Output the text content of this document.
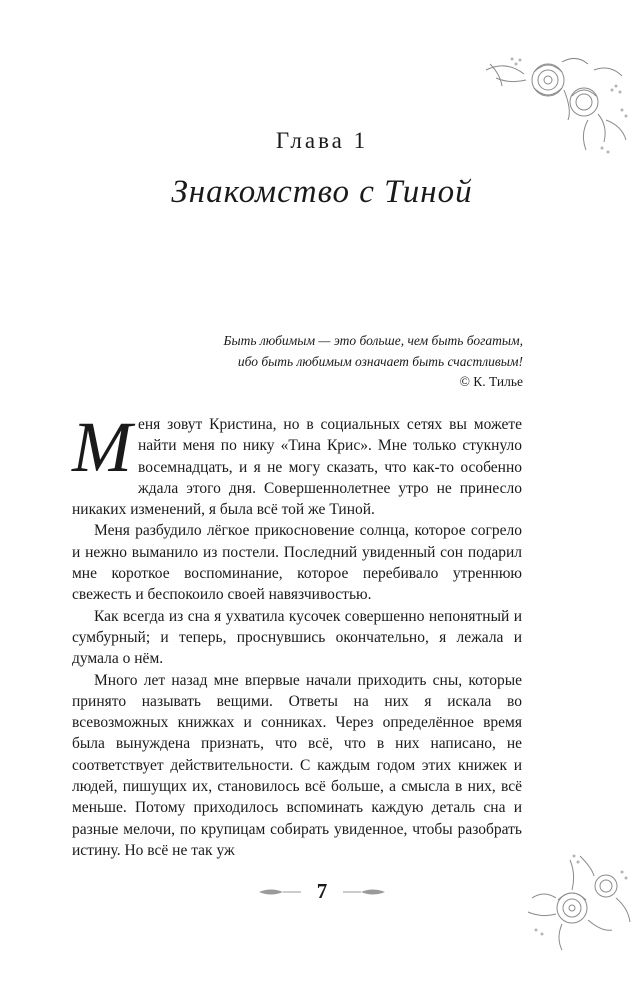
Глава 1
Знакомство с Тиной
Быть любимым — это больше, чем быть богатым,
ибо быть любимым означает быть счастливым!
© К. Тилье

Меня зовут Кристина, но в социальных сетях вы можете найти меня по нику «Тина Крис». Мне только стукнуло восемнадцать, и я не могу сказать, что как-то особенно ждала этого дня. Совершеннолетнее утро не принесло никаких изменений, я была всё той же Тиной.

Меня разбудило лёгкое прикосновение солнца, которое согрело и нежно выманило из постели. Последний увиденный сон подарил мне короткое воспоминание, которое перебивало утреннюю свежесть и беспокоило своей навязчивостью.

Как всегда из сна я ухватила кусочек совершенно непонятный и сумбурный; и теперь, проснувшись окончательно, я лежала и думала о нём.

Много лет назад мне впервые начали приходить сны, которые принято называть вещими. Ответы на них я искала во всевозможных книжках и сонниках. Через определённое время была вынуждена признать, что всё, что в них написано, не соответствует действительности. С каждым годом этих книжек и людей, пишущих их, становилось всё больше, а смысла в них, всё меньше. Потому приходилось вспоминать каждую деталь сна и разные мелочи, по крупицам собирать увиденное, чтобы разобрать истину. Но всё не так уж

7
